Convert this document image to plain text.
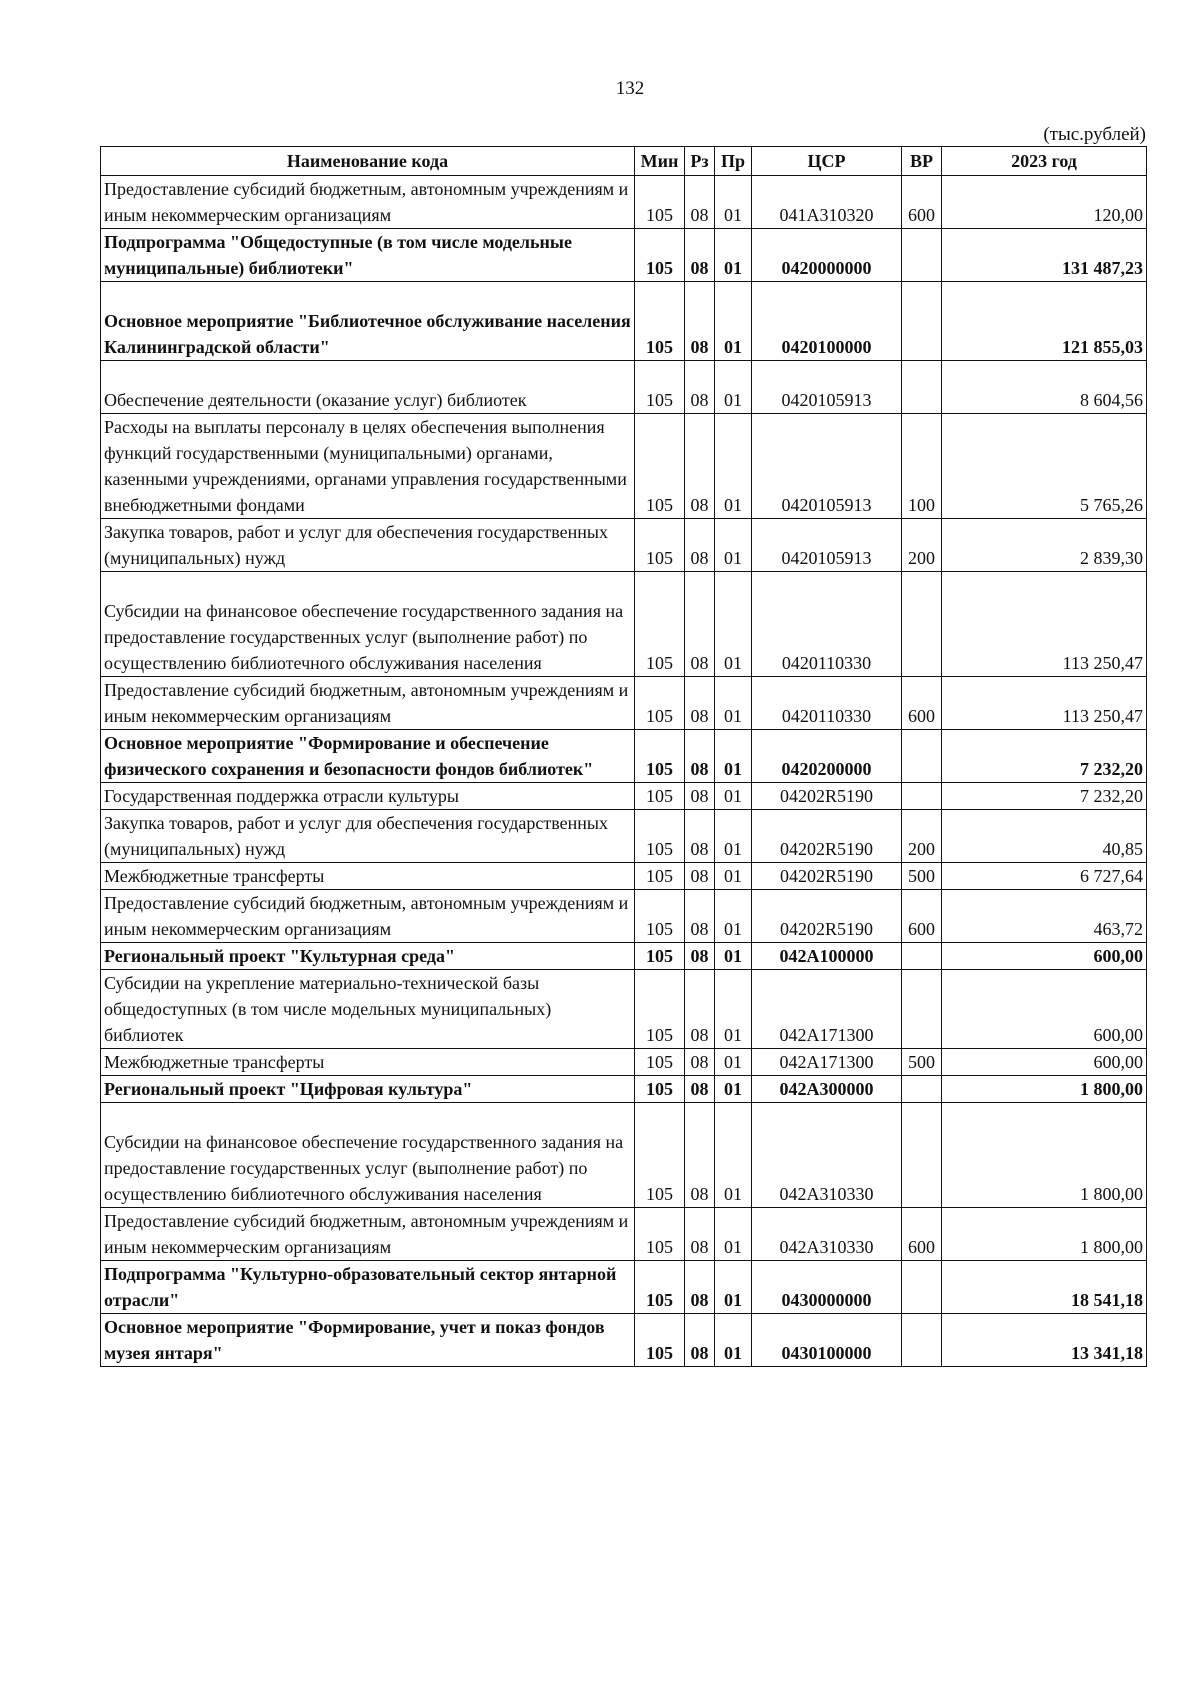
132
(тыс.рублей)
Наименование кода	Мин	Рз	Пр	ЦСР	ВР	2023 год
Предоставление субсидий бюджетным, автономным учреждениям и иным некоммерческим организациям	105	08	01	041A310320	600	120,00
Подпрограмма "Общедоступные (в том числе модельные муниципальные) библиотеки"	105	08	01	0420000000		131 487,23

Основное мероприятие "Библиотечное обслуживание населения Калининградской области"	105	08	01	0420100000		121 855,03

Обеспечение деятельности (оказание услуг) библиотек	105	08	01	0420105913		8 604,56
Расходы на выплаты персоналу в целях обеспечения выполнения функций государственными (муниципальными) органами, казенными учреждениями, органами управления государственными внебюджетными фондами	105	08	01	0420105913	100	5 765,26
Закупка товаров, работ и услуг для обеспечения государственных (муниципальных) нужд	105	08	01	0420105913	200	2 839,30

Субсидии на финансовое обеспечение государственного задания на предоставление государственных услуг (выполнение работ) по осуществлению библиотечного обслуживания населения	105	08	01	0420110330		113 250,47
Предоставление субсидий бюджетным, автономным учреждениям и иным некоммерческим организациям	105	08	01	0420110330	600	113 250,47
Основное мероприятие "Формирование и обеспечение физического сохранения и безопасности фондов библиотек"	105	08	01	0420200000		7 232,20
Государственная поддержка отрасли культуры	105	08	01	04202R5190		7 232,20
Закупка товаров, работ и услуг для обеспечения государственных (муниципальных) нужд	105	08	01	04202R5190	200	40,85
Межбюджетные трансферты	105	08	01	04202R5190	500	6 727,64
Предоставление субсидий бюджетным, автономным учреждениям и иным некоммерческим организациям	105	08	01	04202R5190	600	463,72
Региональный проект "Культурная среда"	105	08	01	042A100000		600,00
Субсидии на укрепление материально-технической базы общедоступных (в том числе модельных муниципальных) библиотек	105	08	01	042A171300		600,00
Межбюджетные трансферты	105	08	01	042A171300	500	600,00
Региональный проект "Цифровая культура"	105	08	01	042A300000		1 800,00

Субсидии на финансовое обеспечение государственного задания на предоставление государственных услуг (выполнение работ) по осуществлению библиотечного обслуживания населения	105	08	01	042A310330		1 800,00
Предоставление субсидий бюджетным, автономным учреждениям и иным некоммерческим организациям	105	08	01	042A310330	600	1 800,00
Подпрограмма "Культурно-образовательный сектор янтарной отрасли"	105	08	01	0430000000		18 541,18
Основное мероприятие "Формирование, учет и показ фондов музея янтаря"	105	08	01	0430100000		13 341,18
